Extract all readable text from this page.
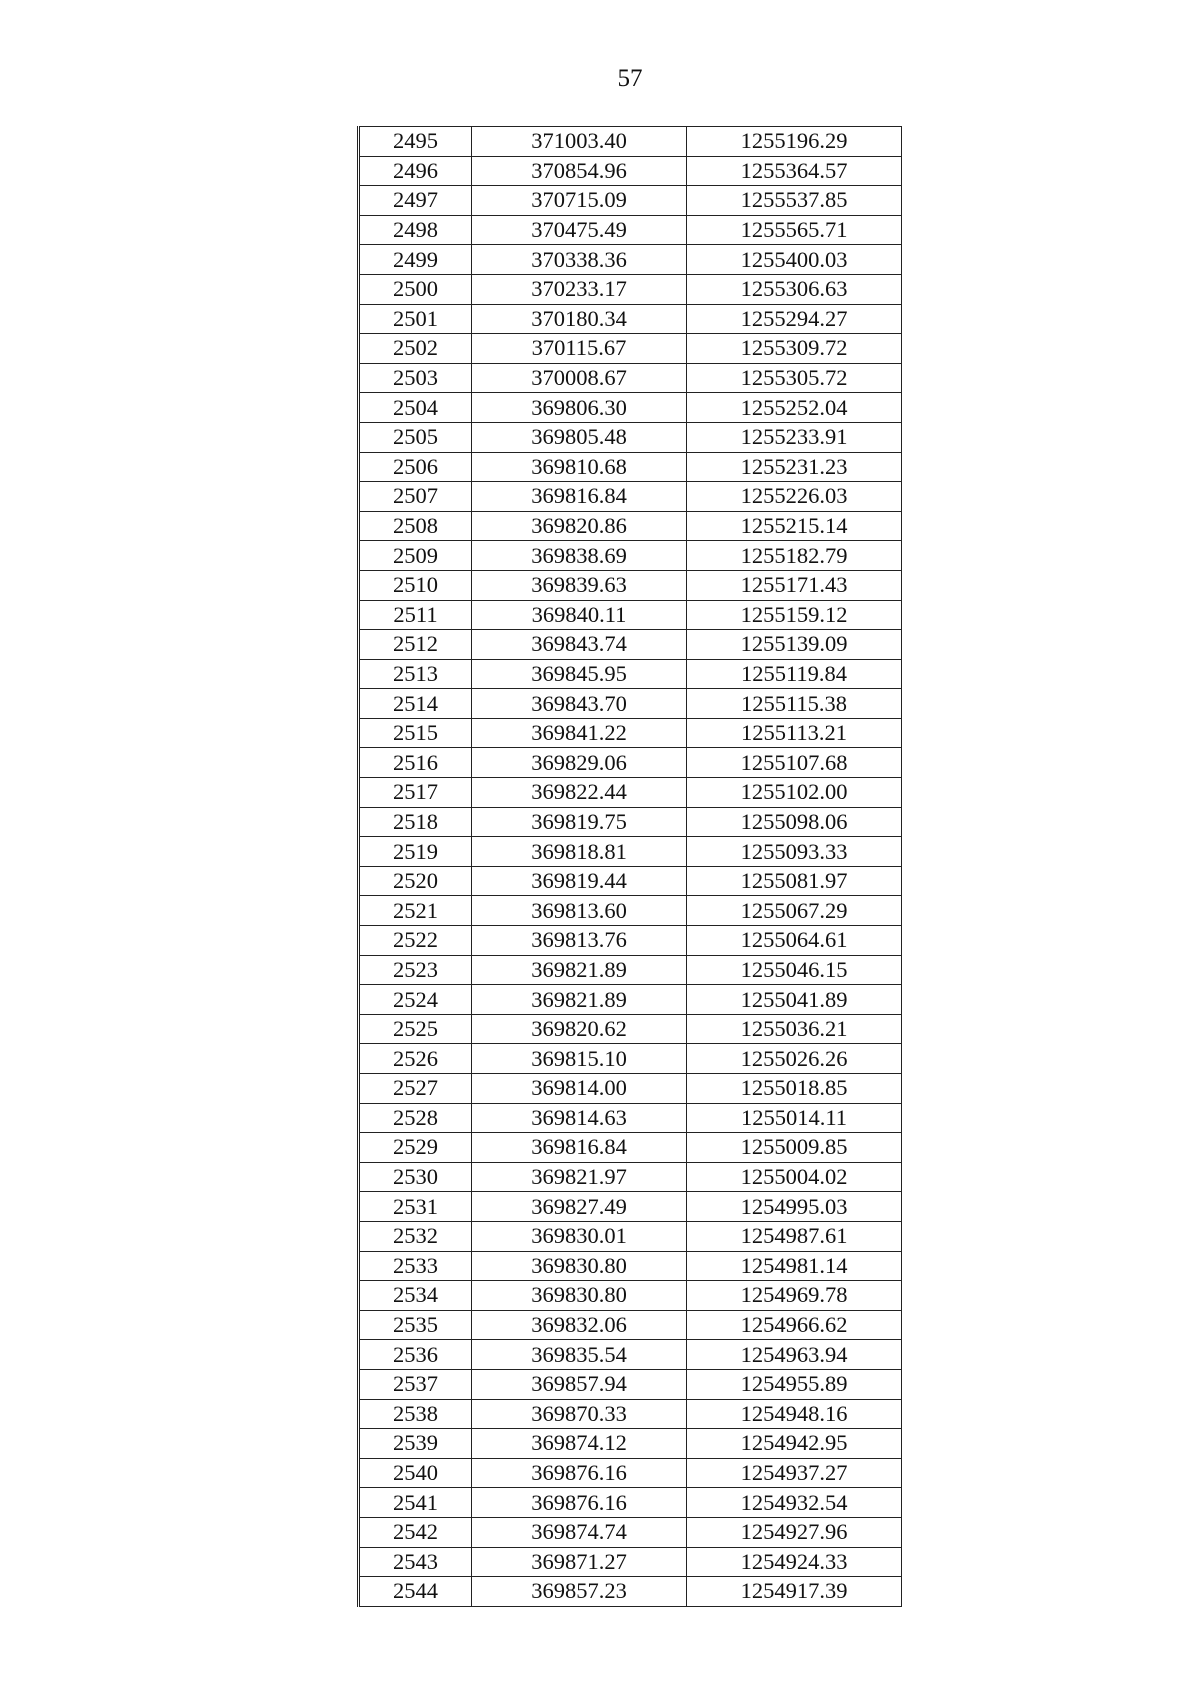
57
2495	371003.40	1255196.29
2496	370854.96	1255364.57
2497	370715.09	1255537.85
2498	370475.49	1255565.71
2499	370338.36	1255400.03
2500	370233.17	1255306.63
2501	370180.34	1255294.27
2502	370115.67	1255309.72
2503	370008.67	1255305.72
2504	369806.30	1255252.04
2505	369805.48	1255233.91
2506	369810.68	1255231.23
2507	369816.84	1255226.03
2508	369820.86	1255215.14
2509	369838.69	1255182.79
2510	369839.63	1255171.43
2511	369840.11	1255159.12
2512	369843.74	1255139.09
2513	369845.95	1255119.84
2514	369843.70	1255115.38
2515	369841.22	1255113.21
2516	369829.06	1255107.68
2517	369822.44	1255102.00
2518	369819.75	1255098.06
2519	369818.81	1255093.33
2520	369819.44	1255081.97
2521	369813.60	1255067.29
2522	369813.76	1255064.61
2523	369821.89	1255046.15
2524	369821.89	1255041.89
2525	369820.62	1255036.21
2526	369815.10	1255026.26
2527	369814.00	1255018.85
2528	369814.63	1255014.11
2529	369816.84	1255009.85
2530	369821.97	1255004.02
2531	369827.49	1254995.03
2532	369830.01	1254987.61
2533	369830.80	1254981.14
2534	369830.80	1254969.78
2535	369832.06	1254966.62
2536	369835.54	1254963.94
2537	369857.94	1254955.89
2538	369870.33	1254948.16
2539	369874.12	1254942.95
2540	369876.16	1254937.27
2541	369876.16	1254932.54
2542	369874.74	1254927.96
2543	369871.27	1254924.33
2544	369857.23	1254917.39
